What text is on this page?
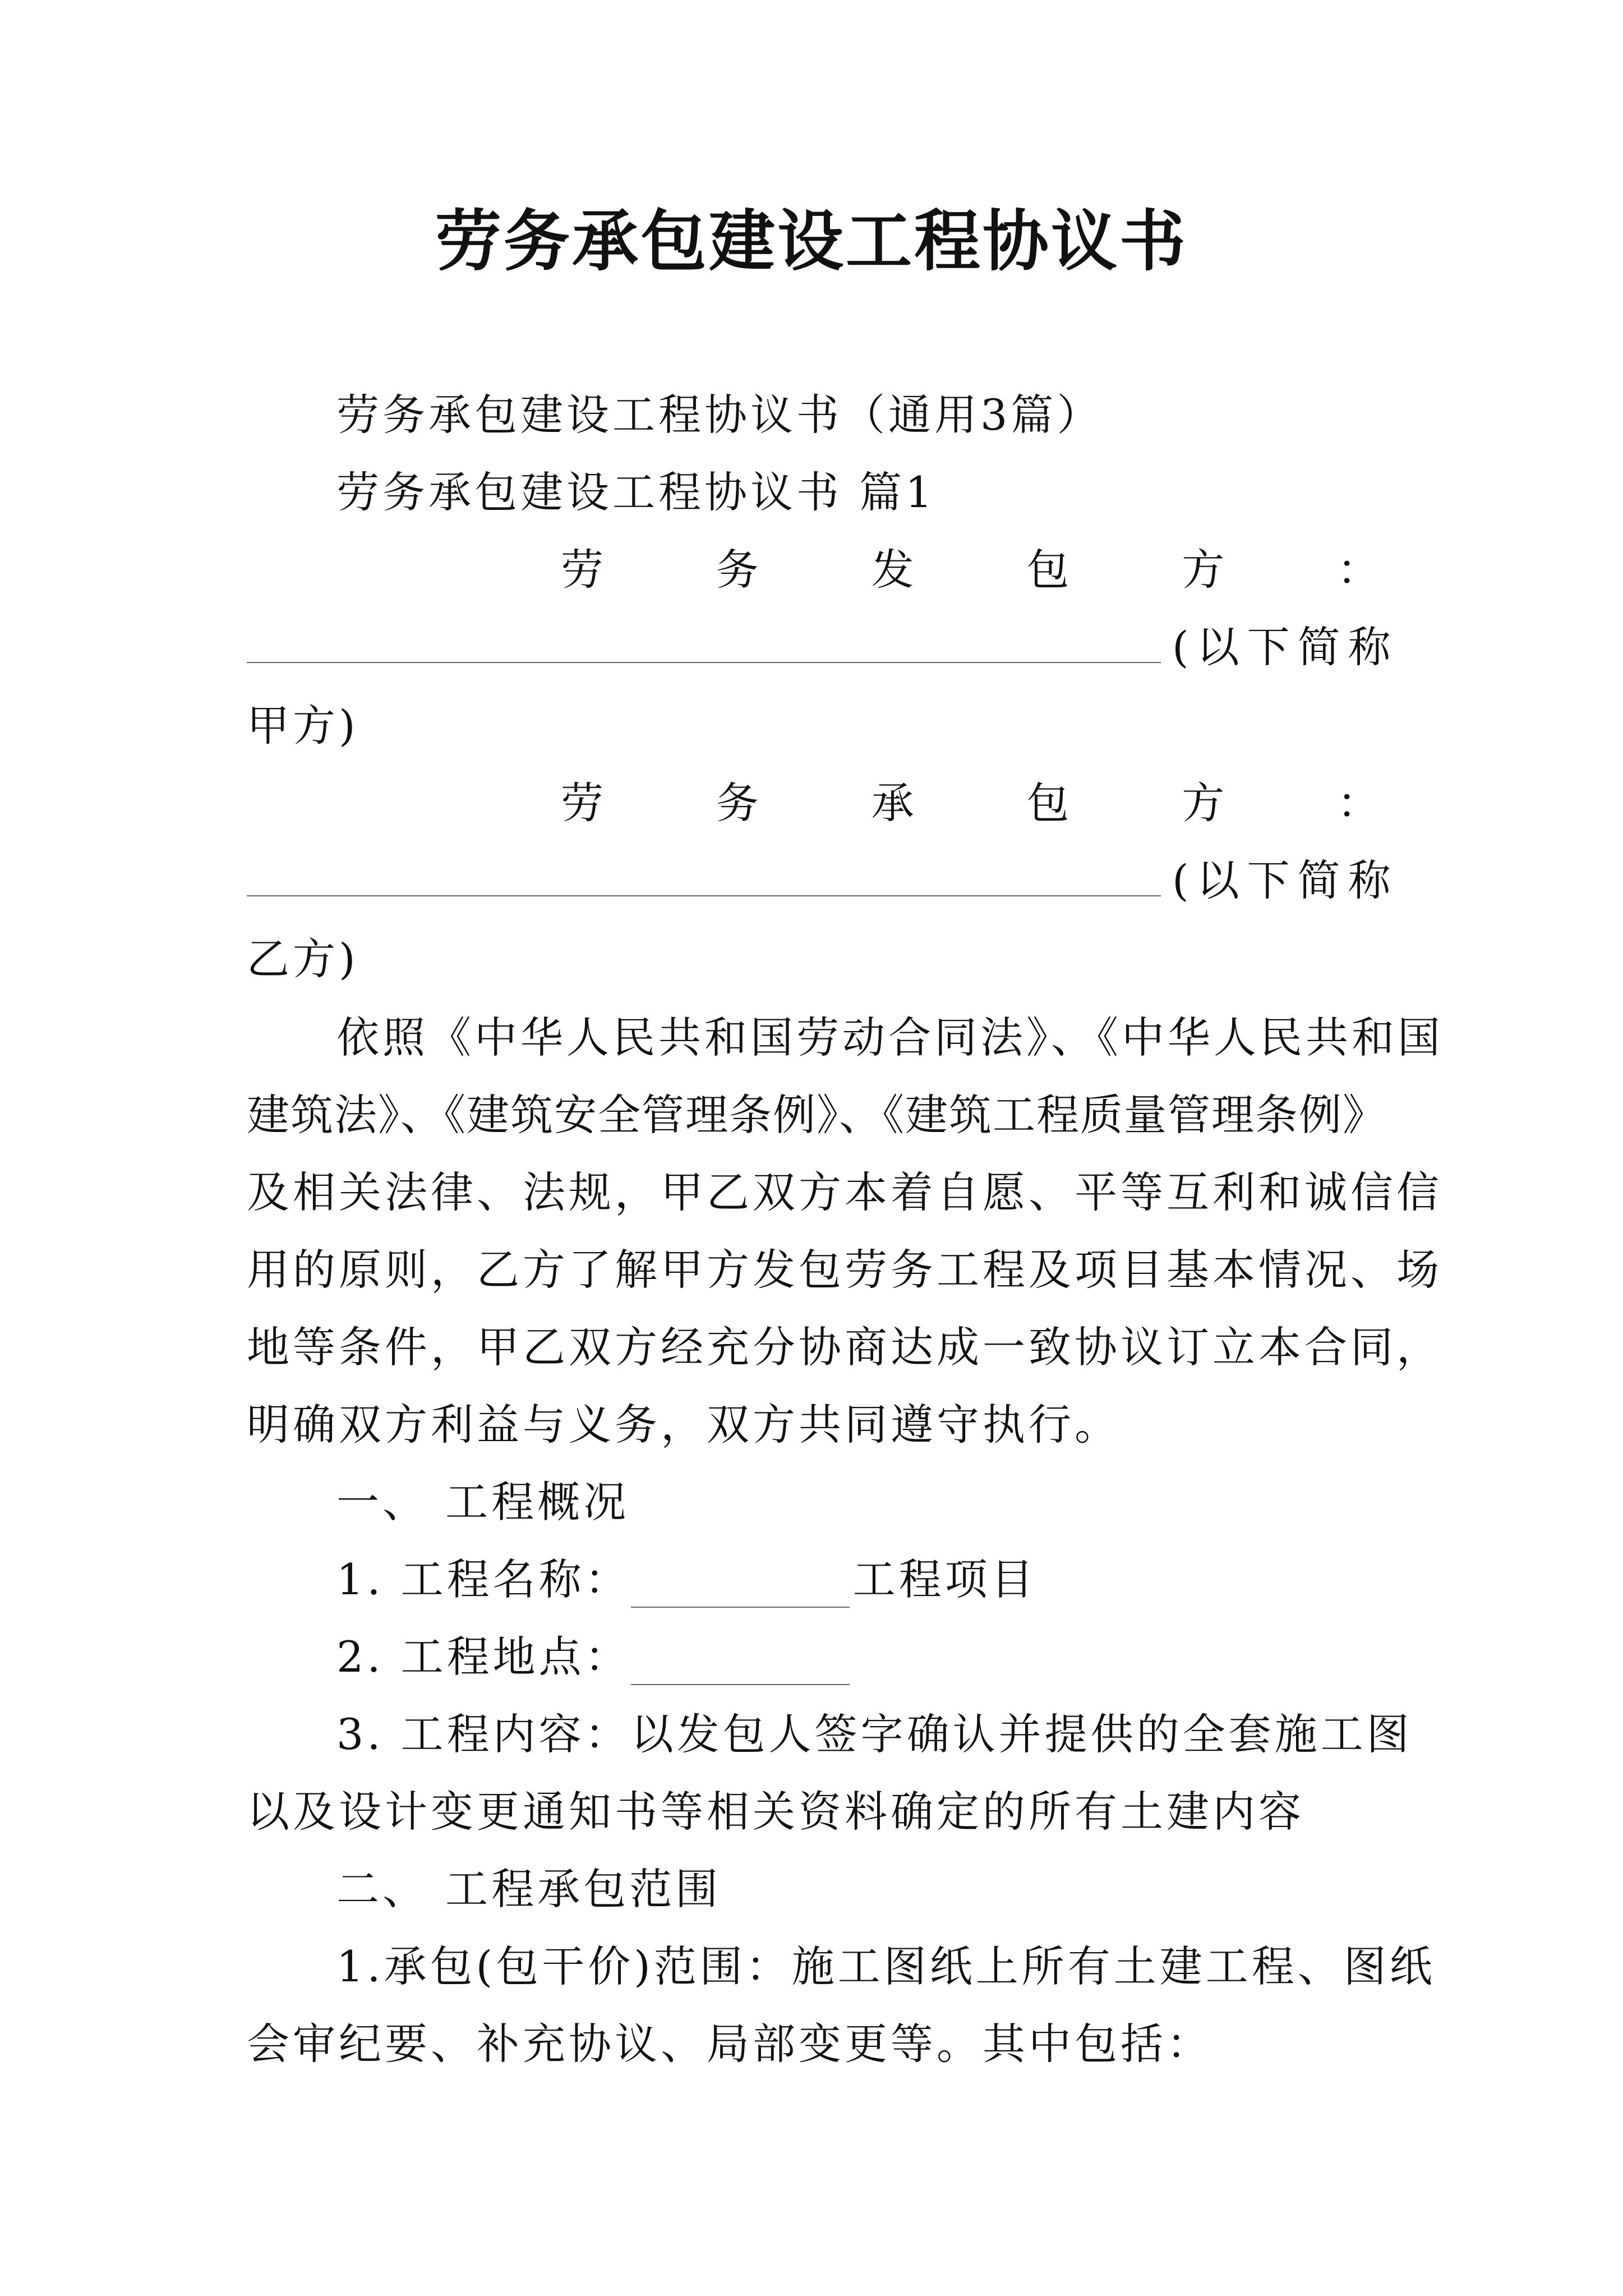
劳务承包建设工程协议书
劳务承包建设工程协议书（通用3篇）
劳务承包建设工程协议书 篇1
劳	务	发	包	方	：
(以下简称
甲方)
劳	务	承	包	方	：
(以下简称
乙方)
依照《中华人民共和国劳动合同法》、《中华人民共和国
建筑法》、《建筑安全管理条例》、《建筑工程质量管理条例》
及相关法律、法规，甲乙双方本着自愿、平等互利和诚信信
用的原则，乙方了解甲方发包劳务工程及项目基本情况、场
地等条件，甲乙双方经充分协商达成一致协议订立本合同，
明确双方利益与义务，双方共同遵守执行。
一、 工程概况
1. 工程名称：	工程项目
2. 工程地点：
3. 工程内容：以发包人签字确认并提供的全套施工图
以及设计变更通知书等相关资料确定的所有土建内容
二、 工程承包范围
1.承包(包干价)范围：施工图纸上所有土建工程、图纸
会审纪要、补充协议、局部变更等。其中包括：
